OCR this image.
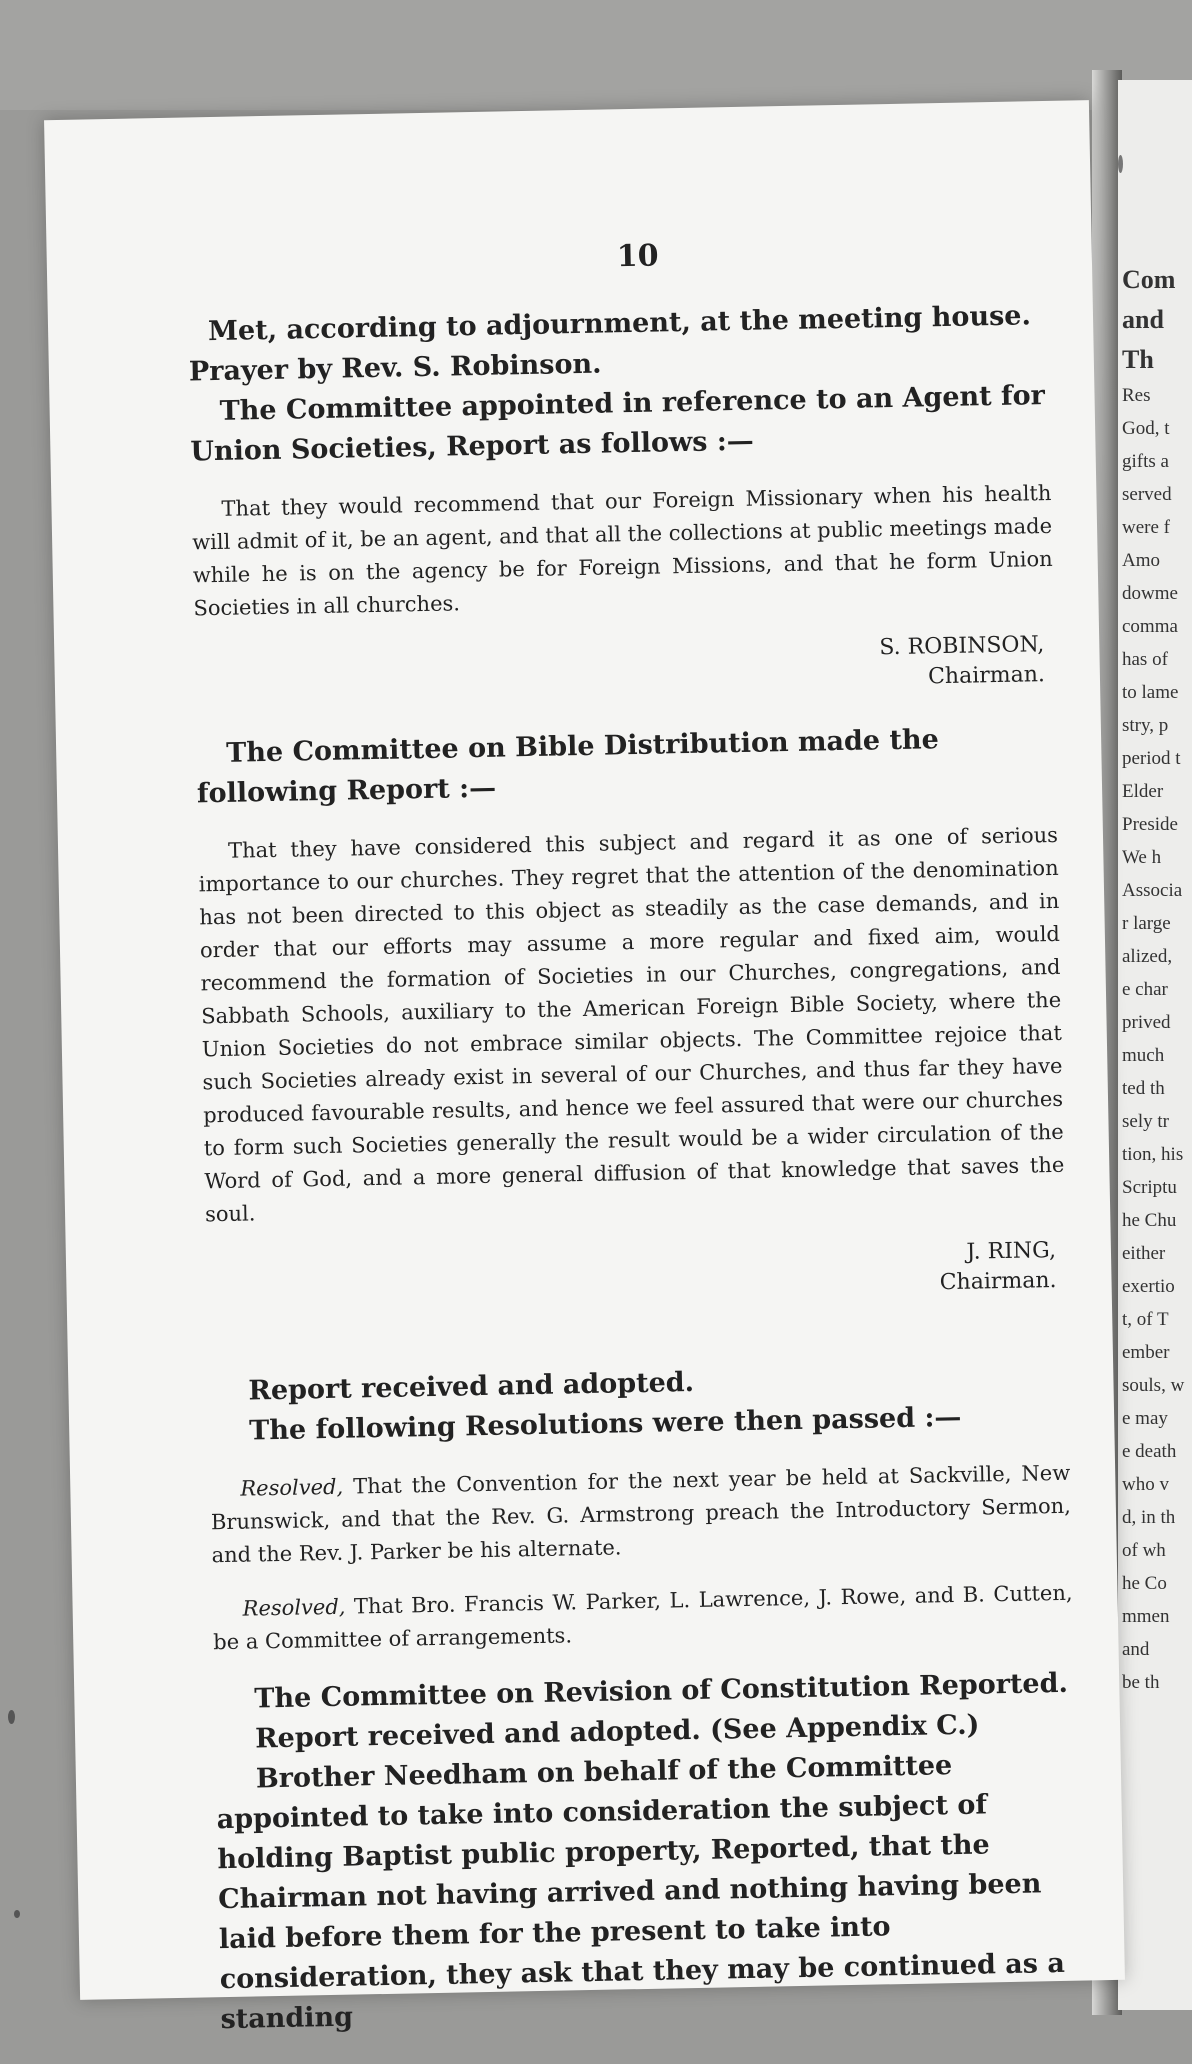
Com
and
Th
Res
God, t
gifts a
served
were f
Amo
dowme
comma
has of
to lame
stry, p
period t
Elder
Preside
We h
Associa
r large
alized,
e char
prived
much
ted th
sely tr
tion, his
Scriptu
he Chu
either
exertio
t, of T
ember
souls, w
e may
e death
who v
d, in th
of wh
he Co
mmen
and
be th
10

Met, according to adjournment, at the meeting house.

Prayer by Rev. S. Robinson.

The Committee appointed in reference to an Agent for Union Societies, Report as follows :—

That they would recommend that our Foreign Missionary when his health will admit of it, be an agent, and that all the collections at public meetings made while he is on the agency be for Foreign Missions, and that he form Union Societies in all churches.

S. ROBINSON,
Chairman.

The Committee on Bible Distribution made the following Report :—

That they have considered this subject and regard it as one of serious importance to our churches. They regret that the attention of the denomination has not been directed to this object as steadily as the case demands, and in order that our efforts may assume a more regular and fixed aim, would recommend the formation of Societies in our Churches, congregations, and Sabbath Schools, auxiliary to the American Foreign Bible Society, where the Union Societies do not embrace similar objects. The Committee rejoice that such Societies already exist in several of our Churches, and thus far they have produced favourable results, and hence we feel assured that were our churches to form such Societies generally the result would be a wider circulation of the Word of God, and a more general diffusion of that knowledge that saves the soul.

J. RING,
Chairman.

Report received and adopted.

The following Resolutions were then passed :—

Resolved, That the Convention for the next year be held at Sackville, New Brunswick, and that the Rev. G. Armstrong preach the Introductory Sermon, and the Rev. J. Parker be his alternate.

Resolved, That Bro. Francis W. Parker, L. Lawrence, J. Rowe, and B. Cutten, be a Committee of arrangements.

The Committee on Revision of Constitution Reported.

Report received and adopted. (See Appendix C.)

Brother Needham on behalf of the Committee appointed to take into consideration the subject of holding Baptist public property, Reported, that the Chairman not having arrived and nothing having been laid before them for the present to take into consideration, they ask that they may be continued as a standing
